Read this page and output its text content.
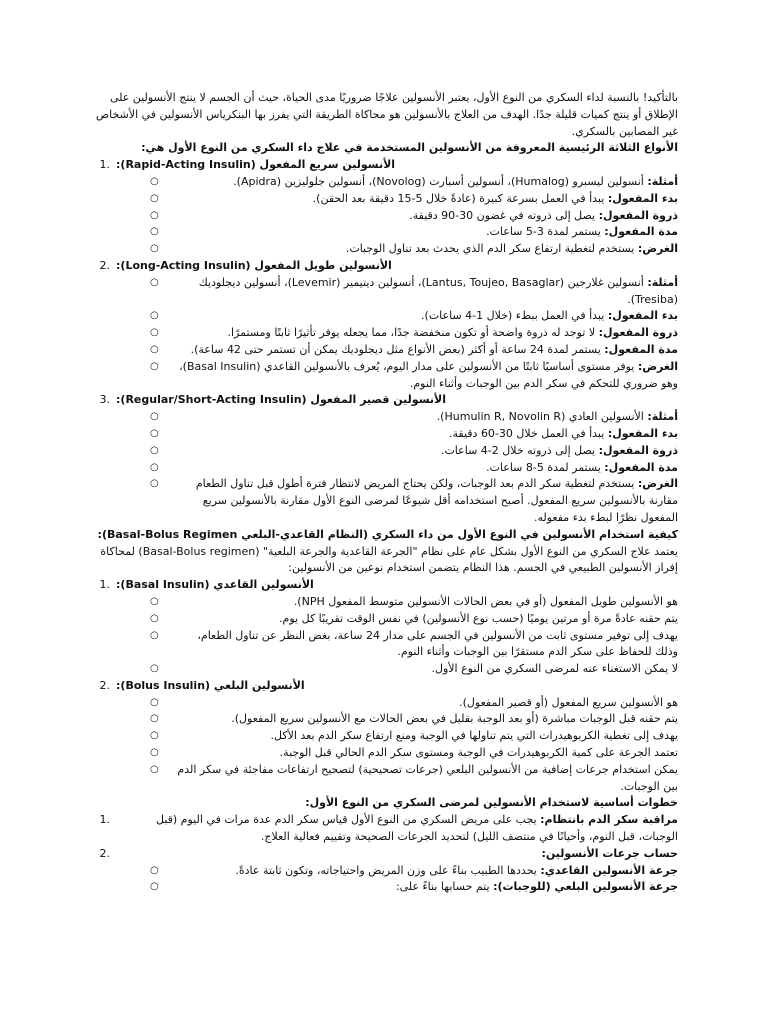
بالتأكيد! بالنسبة لداء السكري من النوع الأول، يعتبر الأنسولين علاجًا ضروريًا مدى الحياة، حيث أن الجسم لا ينتج الأنسولين على الإطلاق أو ينتج كميات قليلة جدًا. الهدف من العلاج بالأنسولين هو محاكاة الطريقة التي يفرز بها البنكرياس الأنسولين في الأشخاص غير المصابين بالسكري.

الأنواع الثلاثة الرئيسية المعروفة من الأنسولين المستخدمة في علاج داء السكري من النوع الأول هي:

1. الأنسولين سريع المفعول (Rapid-Acting Insulin):
○	أمثلة: أنسولين ليسبرو (Humalog)، أنسولين أسبارت (Novolog)، أنسولين جلوليزين (Apidra).
○	بدء المفعول: يبدأ في العمل بسرعة كبيرة (عادةً خلال 5-15 دقيقة بعد الحقن).
○	ذروة المفعول: يصل إلى ذروته في غضون 30-90 دقيقة.
○	مدة المفعول: يستمر لمدة 3-5 ساعات.
○	الغرض: يستخدم لتغطية ارتفاع سكر الدم الذي يحدث بعد تناول الوجبات.
2. الأنسولين طويل المفعول (Long-Acting Insulin):
○	أمثلة: أنسولين غلارجين (Lantus, Toujeo, Basaglar)، أنسولين ديتيمير (Levemir)، أنسولين ديجلوديك (Tresiba).
○	بدء المفعول: يبدأ في العمل ببطء (خلال 1-4 ساعات).
○	ذروة المفعول: لا توجد له ذروة واضحة أو تكون منخفضة جدًا، مما يجعله يوفر تأثيرًا ثابتًا ومستمرًا.
○	مدة المفعول: يستمر لمدة 24 ساعة أو أكثر (بعض الأنواع مثل ديجلوديك يمكن أن تستمر حتى 42 ساعة).
○	الغرض: يوفر مستوى أساسيًا ثابتًا من الأنسولين على مدار اليوم، يُعرف بالأنسولين القاعدي (Basal Insulin)، وهو ضروري للتحكم في سكر الدم بين الوجبات وأثناء النوم.
3. الأنسولين قصير المفعول (Regular/Short-Acting Insulin):
○	أمثلة: الأنسولين العادي (Humulin R, Novolin R).
○	بدء المفعول: يبدأ في العمل خلال 30-60 دقيقة.
○	ذروة المفعول: يصل إلى ذروته خلال 2-4 ساعات.
○	مدة المفعول: يستمر لمدة 5-8 ساعات.
○	الغرض: يستخدم لتغطية سكر الدم بعد الوجبات، ولكن يحتاج المريض لانتظار فترة أطول قبل تناول الطعام مقارنة بالأنسولين سريع المفعول. أصبح استخدامه أقل شيوعًا لمرضى النوع الأول مقارنة بالأنسولين سريع المفعول نظرًا لبطء بدء مفعوله.

كيفية استخدام الأنسولين في النوع الأول من داء السكري (النظام القاعدي-البلعي Basal-Bolus Regimen):

يعتمد علاج السكري من النوع الأول بشكل عام على نظام "الجرعة القاعدية والجرعة البلعية" (Basal-Bolus regimen) لمحاكاة إفراز الأنسولين الطبيعي في الجسم. هذا النظام يتضمن استخدام نوعين من الأنسولين:

1. الأنسولين القاعدي (Basal Insulin):
○	هو الأنسولين طويل المفعول (أو في بعض الحالات الأنسولين متوسط المفعول NPH).
○	يتم حقنه عادةً مرة أو مرتين يوميًا (حسب نوع الأنسولين) في نفس الوقت تقريبًا كل يوم.
○	يهدف إلى توفير مستوى ثابت من الأنسولين في الجسم على مدار 24 ساعة، بغض النظر عن تناول الطعام، وذلك للحفاظ على سكر الدم مستقرًا بين الوجبات وأثناء النوم.
○	لا يمكن الاستغناء عنه لمرضى السكري من النوع الأول.
2. الأنسولين البلعي (Bolus Insulin):
○	هو الأنسولين سريع المفعول (أو قصير المفعول).
○	يتم حقنه قبل الوجبات مباشرة (أو بعد الوجبة بقليل في بعض الحالات مع الأنسولين سريع المفعول).
○	يهدف إلى تغطية الكربوهيدرات التي يتم تناولها في الوجبة ومنع ارتفاع سكر الدم بعد الأكل.
○	تعتمد الجرعة على كمية الكربوهيدرات في الوجبة ومستوى سكر الدم الحالي قبل الوجبة.
○	يمكن استخدام جرعات إضافية من الأنسولين البلعي (جرعات تصحيحية) لتصحيح ارتفاعات مفاجئة في سكر الدم بين الوجبات.

خطوات أساسية لاستخدام الأنسولين لمرضى السكري من النوع الأول:

1.	مراقبة سكر الدم بانتظام: يجب على مريض السكري من النوع الأول قياس سكر الدم عدة مرات في اليوم (قبل الوجبات، قبل النوم، وأحيانًا في منتصف الليل) لتحديد الجرعات الصحيحة وتقييم فعالية العلاج.
2.	حساب جرعات الأنسولين:
○	جرعة الأنسولين القاعدي: يحددها الطبيب بناءً على وزن المريض واحتياجاته، وتكون ثابتة عادةً.
○	جرعة الأنسولين البلعي (للوجبات): يتم حسابها بناءً على:
